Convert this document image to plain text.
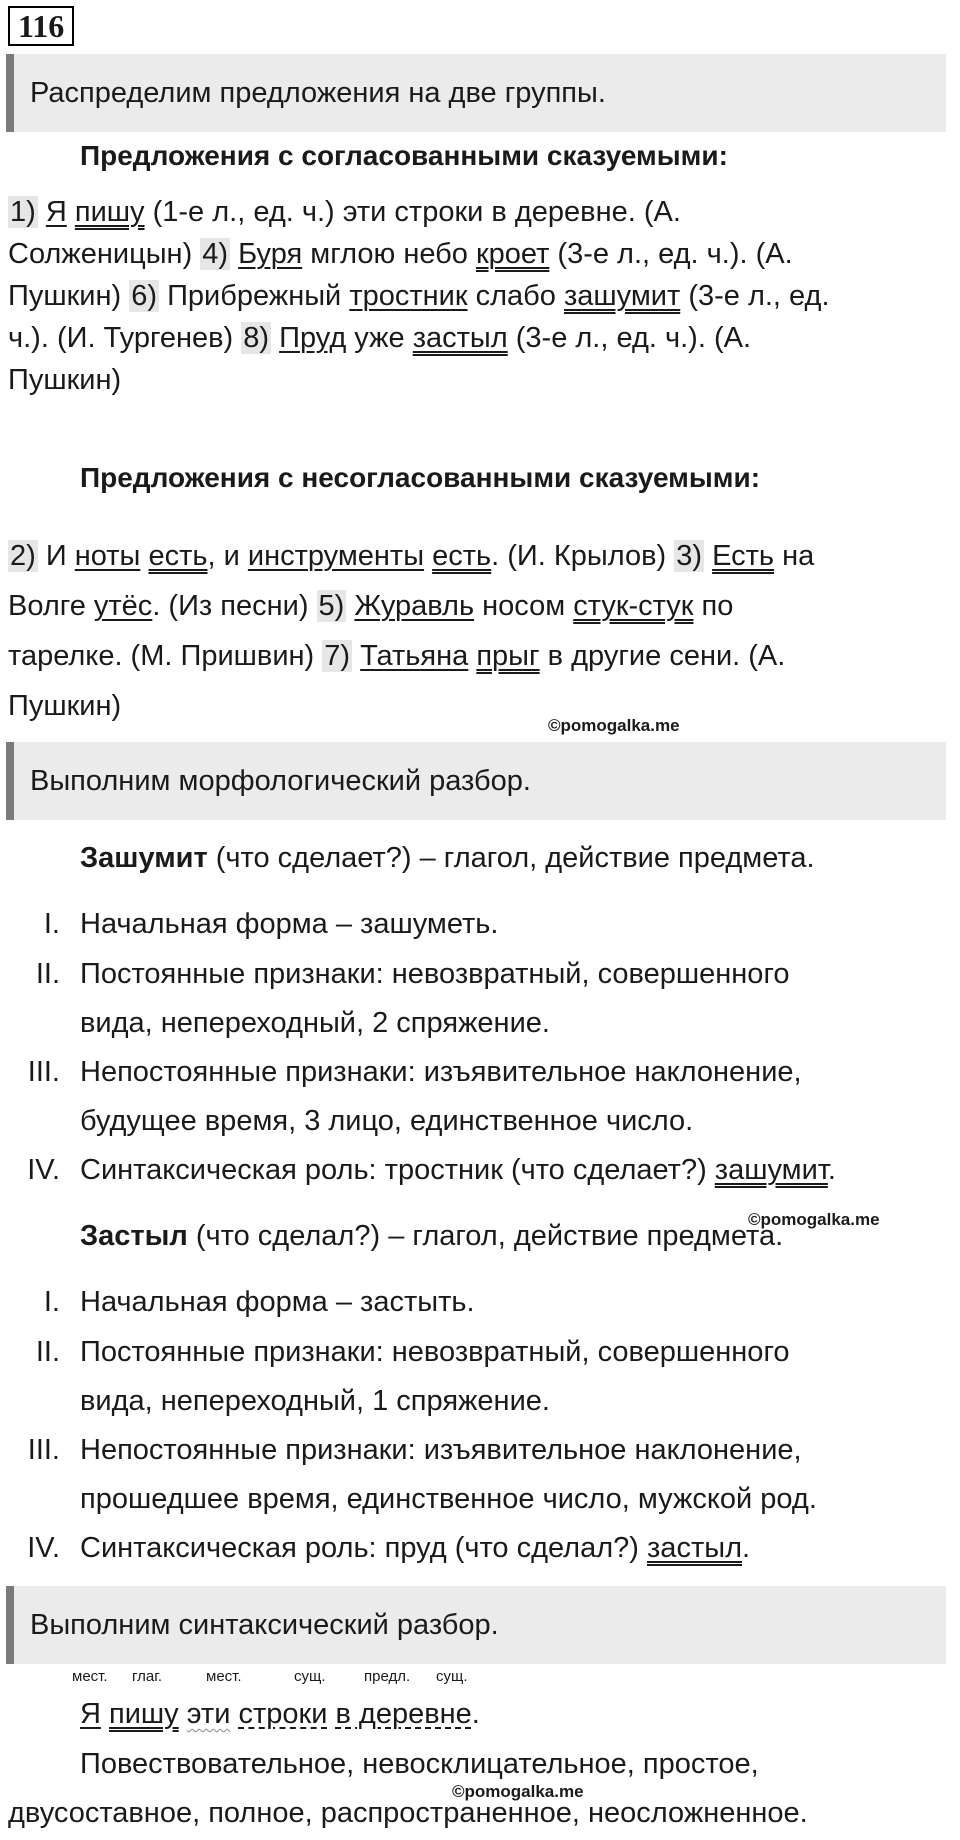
116
Распределим предложения на две группы.
Предложения с согласованными сказуемыми:
1) Я пишу (1-е л., ед. ч.) эти строки в деревне. (А.
Солженицын) 4) Буря мглою небо кроет (3-е л., ед. ч.). (А.
Пушкин) 6) Прибрежный тростник слабо зашумит (3-е л., ед.
ч.). (И. Тургенев) 8) Пруд уже застыл (3-е л., ед. ч.). (А.
Пушкин)
Предложения с несогласованными сказуемыми:
2) И ноты есть, и инструменты есть. (И. Крылов) 3) Есть на
Волге утёс. (Из песни) 5) Журавль носом стук-стук по
тарелке. (М. Пришвин) 7) Татьяна прыг в другие сени. (А.
Пушкин)
©pomogalka.me
Выполним морфологический разбор.
Зашумит (что сделает?) – глагол, действие предмета.
I. Начальная форма – зашуметь.
II. Постоянные признаки: невозвратный, совершенного
вида, непереходный, 2 спряжение.
III. Непостоянные признаки: изъявительное наклонение,
будущее время, 3 лицо, единственное число.
IV. Синтаксическая роль: тростник (что сделает?) зашумит.
©pomogalka.me
Застыл (что сделал?) – глагол, действие предмета.
I. Начальная форма – застыть.
II. Постоянные признаки: невозвратный, совершенного
вида, непереходный, 1 спряжение.
III. Непостоянные признаки: изъявительное наклонение,
прошедшее время, единственное число, мужской род.
IV. Синтаксическая роль: пруд (что сделал?) застыл.
Выполним синтаксический разбор.
мест. глаг.	мест.	сущ.	предл. сущ.
Я пишу эти строки в деревне.
Повествовательное, невосклицательное, простое,
двусоставное, полное, распространенное, неосложненное.
©pomogalka.me
